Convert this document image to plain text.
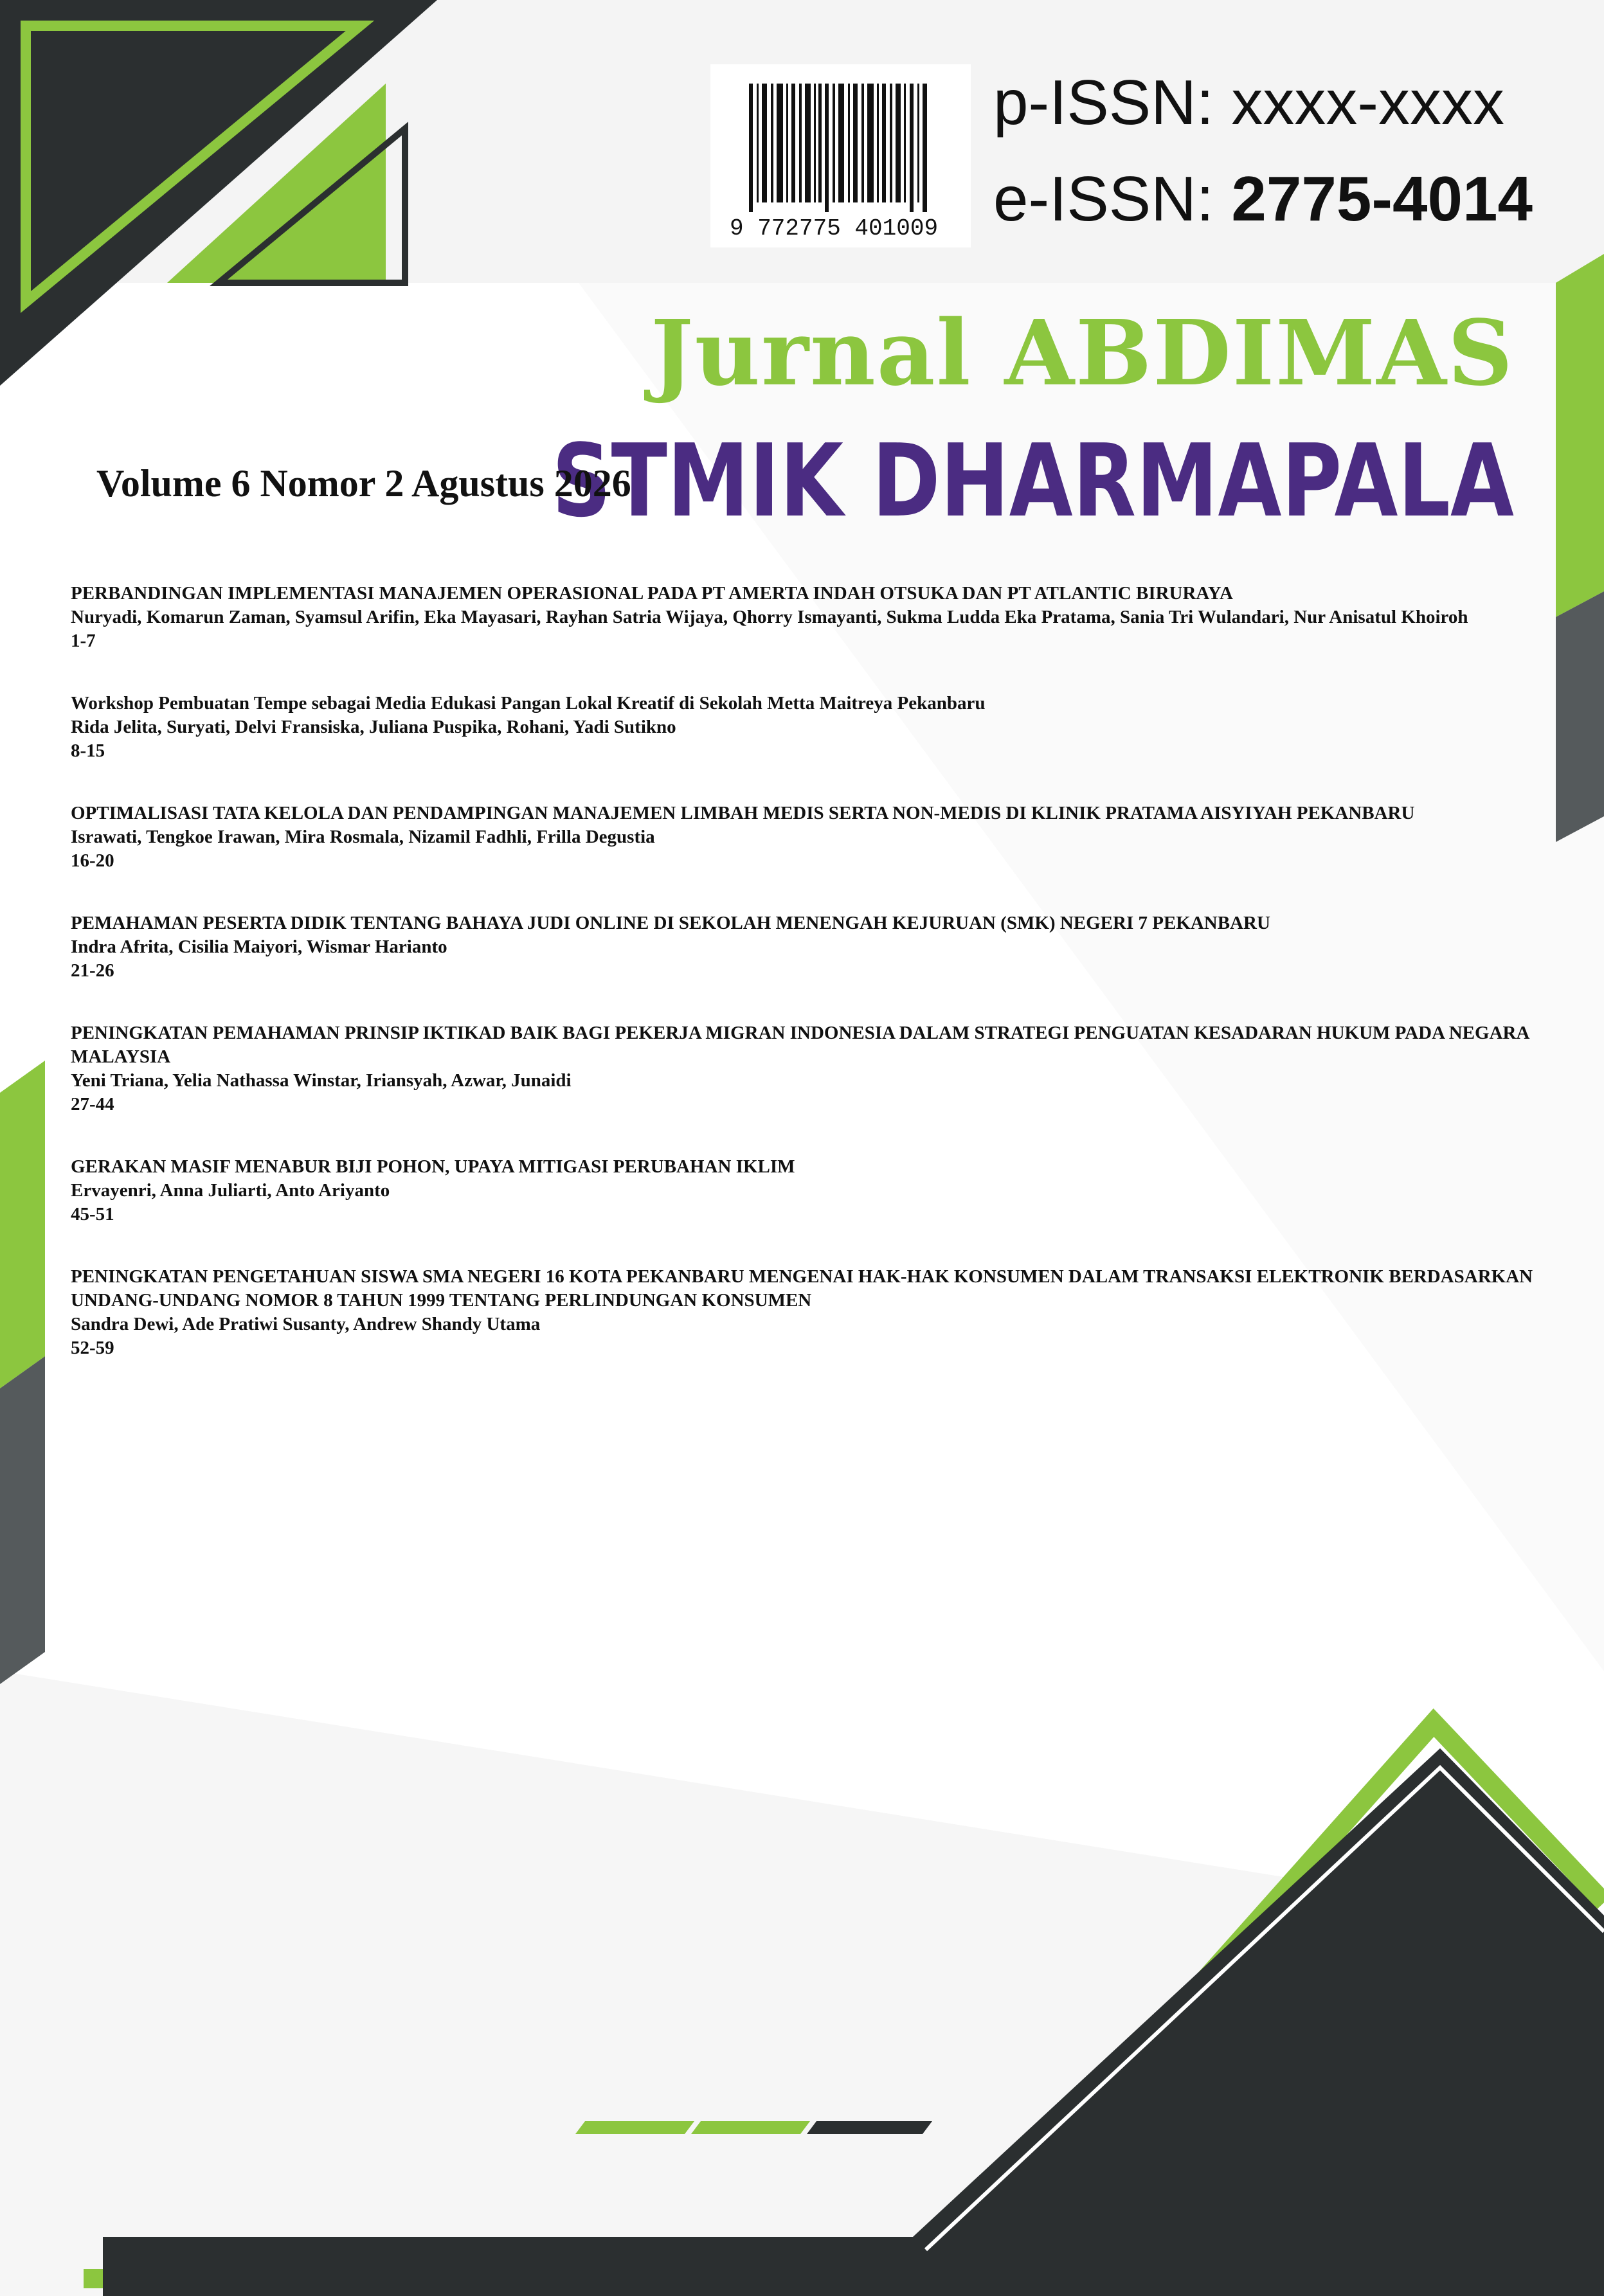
9 772775 401009
p-ISSN: xxxx-xxxx
e-ISSN: 2775-4014
Jurnal ABDIMAS
STMIK DHARMAPALA
Volume 6 Nomor 2 Agustus 2026
PERBANDINGAN IMPLEMENTASI MANAJEMEN OPERASIONAL PADA PT AMERTA INDAH OTSUKA DAN PT ATLANTIC BIRURAYA
Nuryadi, Komarun Zaman, Syamsul Arifin, Eka Mayasari, Rayhan Satria Wijaya, Qhorry Ismayanti, Sukma Ludda Eka Pratama, Sania Tri Wulandari, Nur Anisatul Khoiroh
1-7
Workshop Pembuatan Tempe sebagai Media Edukasi Pangan Lokal Kreatif di Sekolah Metta Maitreya Pekanbaru
Rida Jelita, Suryati, Delvi Fransiska, Juliana Puspika, Rohani, Yadi Sutikno
8-15
OPTIMALISASI TATA KELOLA DAN PENDAMPINGAN MANAJEMEN LIMBAH MEDIS SERTA NON-MEDIS DI KLINIK PRATAMA AISYIYAH PEKANBARU
Israwati, Tengkoe Irawan, Mira Rosmala, Nizamil Fadhli, Frilla Degustia
16-20
PEMAHAMAN PESERTA DIDIK TENTANG BAHAYA JUDI ONLINE DI SEKOLAH MENENGAH KEJURUAN (SMK) NEGERI 7 PEKANBARU
Indra Afrita, Cisilia Maiyori, Wismar Harianto
21-26
PENINGKATAN PEMAHAMAN PRINSIP IKTIKAD BAIK BAGI PEKERJA MIGRAN INDONESIA DALAM STRATEGI PENGUATAN KESADARAN HUKUM PADA NEGARA MALAYSIA
Yeni Triana, Yelia Nathassa Winstar, Iriansyah, Azwar, Junaidi
27-44
GERAKAN MASIF MENABUR BIJI POHON, UPAYA MITIGASI PERUBAHAN IKLIM
Ervayenri, Anna Juliarti, Anto Ariyanto
45-51
PENINGKATAN PENGETAHUAN SISWA SMA NEGERI 16 KOTA PEKANBARU MENGENAI HAK-HAK KONSUMEN DALAM TRANSAKSI ELEKTRONIK BERDASARKAN UNDANG-UNDANG NOMOR 8 TAHUN 1999 TENTANG PERLINDUNGAN KONSUMEN
Sandra Dewi, Ade Pratiwi Susanty, Andrew Shandy Utama
52-59
